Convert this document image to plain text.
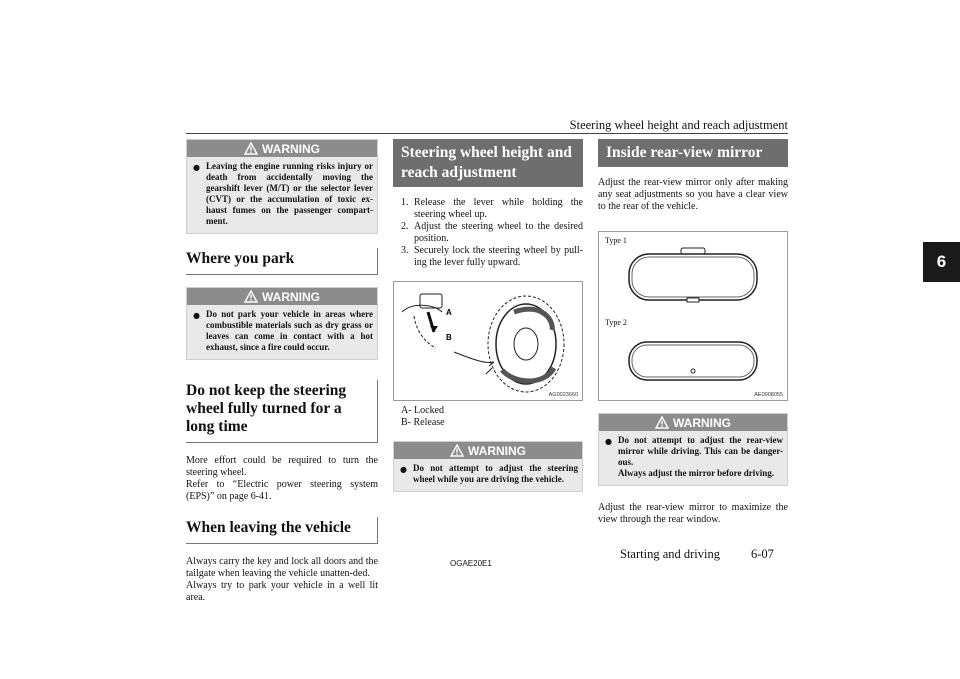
Steering wheel height and reach adjustment
6
WARNING
● Leaving the engine running risks injury or death from accidentally moving the gearshift lever (M/T) or the selector lever (CVT) or the accumulation of toxic ex-haust fumes on the passenger compart-ment.
Where you park
WARNING
● Do not park your vehicle in areas where combustible materials such as dry grass or leaves can come in contact with a hot exhaust, since a fire could occur.
Do not keep the steering wheel fully turned for a long time

More effort could be required to turn the steering wheel.

Refer to “Electric power steering system (EPS)” on page 6-41.

When leaving the vehicle

Always carry the key and lock all doors and the tailgate when leaving the vehicle unatten-ded.

Always try to park your vehicle in a well lit area.

Steering wheel height and reach adjustment
1. Release the lever while holding the steering wheel up.
2. Adjust the steering wheel to the desired position.
3. Securely lock the steering wheel by pull-ing the lever fully upward.
A
B
AG0023660
A- Locked
B- Release
WARNING
● Do not attempt to adjust the steering wheel while you are driving the vehicle.
Inside rear-view mirror

Adjust the rear-view mirror only after making any seat adjustments so you have a clear view to the rear of the vehicle.

Type 1
Type 2
AE0008055
WARNING
● Do not attempt to adjust the rear-view mirror while driving. This can be danger-ous.
Always adjust the mirror before driving.

Adjust the rear-view mirror to maximize the view through the rear window.

OGAE20E1
Starting and driving 6-07
